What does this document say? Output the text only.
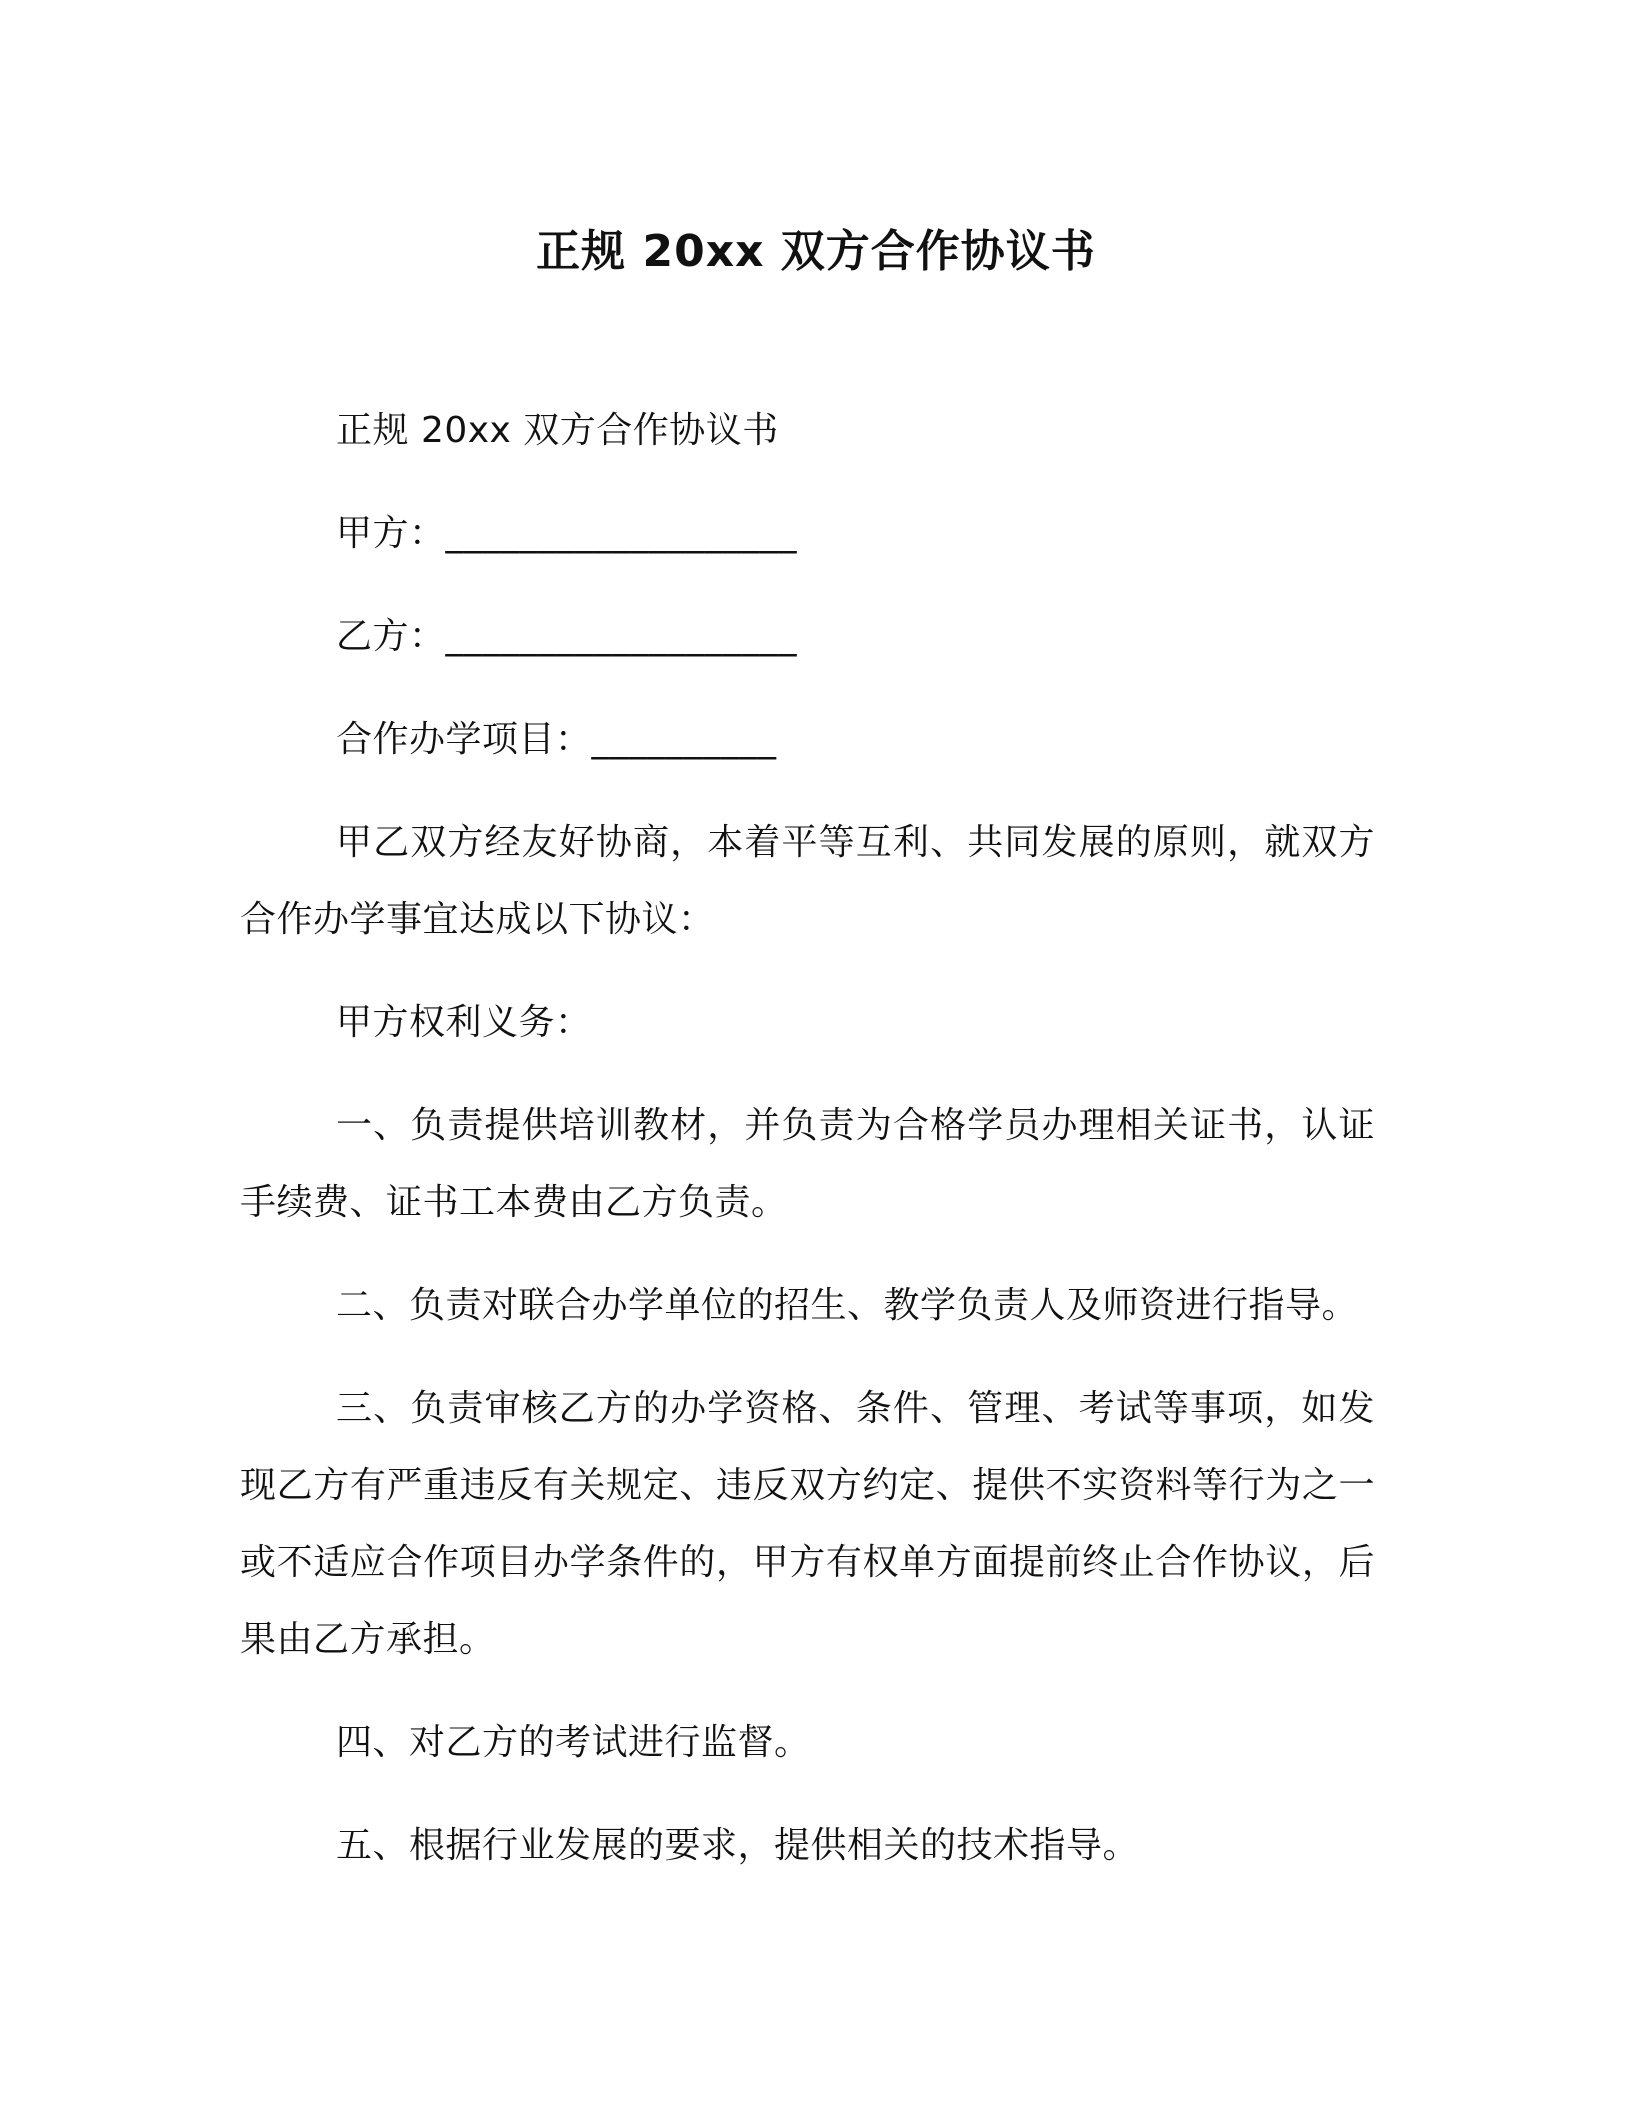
正规 20xx 双方合作协议书

正规 20xx 双方合作协议书

甲方：___________________

乙方：___________________

合作办学项目：__________

甲乙双方经友好协商，本着平等互利、共同发展的原则，就双方合作办学事宜达成以下协议：

甲方权利义务：

一、负责提供培训教材，并负责为合格学员办理相关证书，认证手续费、证书工本费由乙方负责。

二、负责对联合办学单位的招生、教学负责人及师资进行指导。

三、负责审核乙方的办学资格、条件、管理、考试等事项，如发现乙方有严重违反有关规定、违反双方约定、提供不实资料等行为之一或不适应合作项目办学条件的，甲方有权单方面提前终止合作协议，后果由乙方承担。

四、对乙方的考试进行监督。

五、根据行业发展的要求，提供相关的技术指导。
